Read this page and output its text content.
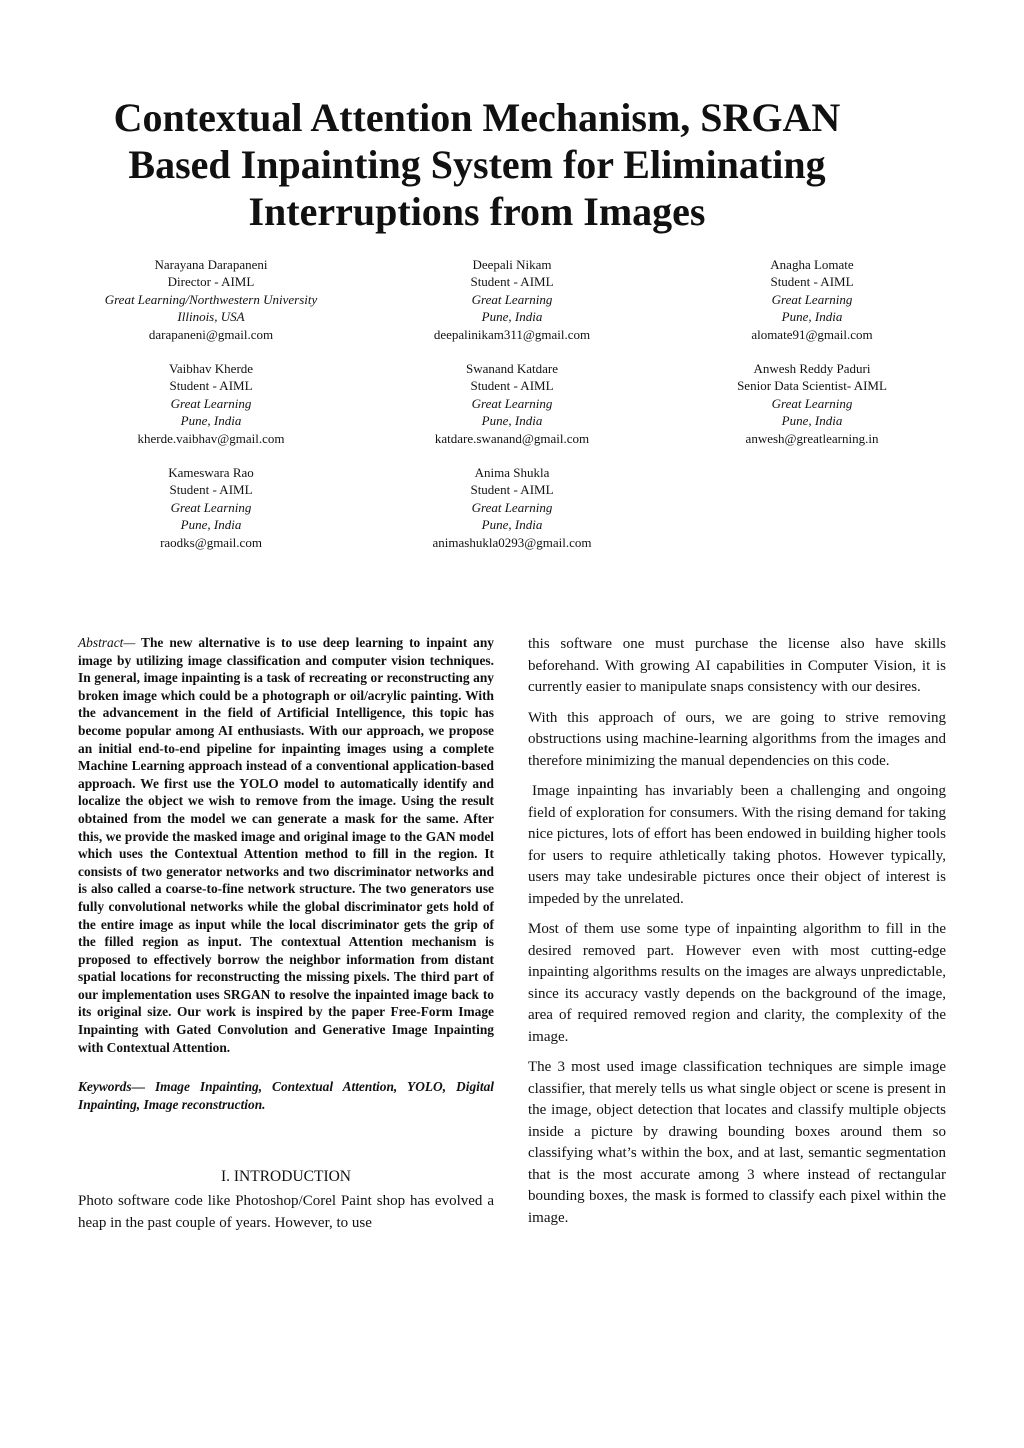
Contextual Attention Mechanism, SRGAN Based Inpainting System for Eliminating Interruptions from Images
Narayana Darapaneni
Director - AIML
Great Learning/Northwestern University
Illinois, USA
darapaneni@gmail.com
Deepali Nikam
Student - AIML
Great Learning
Pune, India
deepalinikam311@gmail.com
Anagha Lomate
Student - AIML
Great Learning
Pune, India
alomate91@gmail.com
Vaibhav Kherde
Student - AIML
Great Learning
Pune, India
kherde.vaibhav@gmail.com
Swanand Katdare
Student - AIML
Great Learning
Pune, India
katdare.swanand@gmail.com
Anwesh Reddy Paduri
Senior Data Scientist- AIML
Great Learning
Pune, India
anwesh@greatlearning.in
Kameswara Rao
Student - AIML
Great Learning
Pune, India
raodks@gmail.com
Anima Shukla
Student - AIML
Great Learning
Pune, India
animashukla0293@gmail.com

Abstract— The new alternative is to use deep learning to inpaint any image by utilizing image classification and computer vision techniques. In general, image inpainting is a task of recreating or reconstructing any broken image which could be a photograph or oil/acrylic painting. With the advancement in the field of Artificial Intelligence, this topic has become popular among AI enthusiasts. With our approach, we propose an initial end-to-end pipeline for inpainting images using a complete Machine Learning approach instead of a conventional application-based approach. We first use the YOLO model to automatically identify and localize the object we wish to remove from the image. Using the result obtained from the model we can generate a mask for the same. After this, we provide the masked image and original image to the GAN model which uses the Contextual Attention method to fill in the region. It consists of two generator networks and two discriminator networks and is also called a coarse-to-fine network structure. The two generators use fully convolutional networks while the global discriminator gets hold of the entire image as input while the local discriminator gets the grip of the filled region as input. The contextual Attention mechanism is proposed to effectively borrow the neighbor information from distant spatial locations for reconstructing the missing pixels. The third part of our implementation uses SRGAN to resolve the inpainted image back to its original size. Our work is inspired by the paper Free-Form Image Inpainting with Gated Convolution and Generative Image Inpainting with Contextual Attention.

Keywords— Image Inpainting, Contextual Attention, YOLO, Digital Inpainting, Image reconstruction.

I. INTRODUCTION

Photo software code like Photoshop/Corel Paint shop has evolved a heap in the past couple of years. However, to use

this software one must purchase the license also have skills beforehand. With growing AI capabilities in Computer Vision, it is currently easier to manipulate snaps consistency with our desires.

With this approach of ours, we are going to strive removing obstructions using machine-learning algorithms from the images and therefore minimizing the manual dependencies on this code.

Image inpainting has invariably been a challenging and ongoing field of exploration for consumers. With the rising demand for taking nice pictures, lots of effort has been endowed in building higher tools for users to require athletically taking photos. However typically, users may take undesirable pictures once their object of interest is impeded by the unrelated.

Most of them use some type of inpainting algorithm to fill in the desired removed part. However even with most cutting-edge inpainting algorithms results on the images are always unpredictable, since its accuracy vastly depends on the background of the image, area of required removed region and clarity, the complexity of the image.

The 3 most used image classification techniques are simple image classifier, that merely tells us what single object or scene is present in the image, object detection that locates and classify multiple objects inside a picture by drawing bounding boxes around them so classifying what’s within the box, and at last, semantic segmentation that is the most accurate among 3 where instead of rectangular bounding boxes, the mask is formed to classify each pixel within the image.
